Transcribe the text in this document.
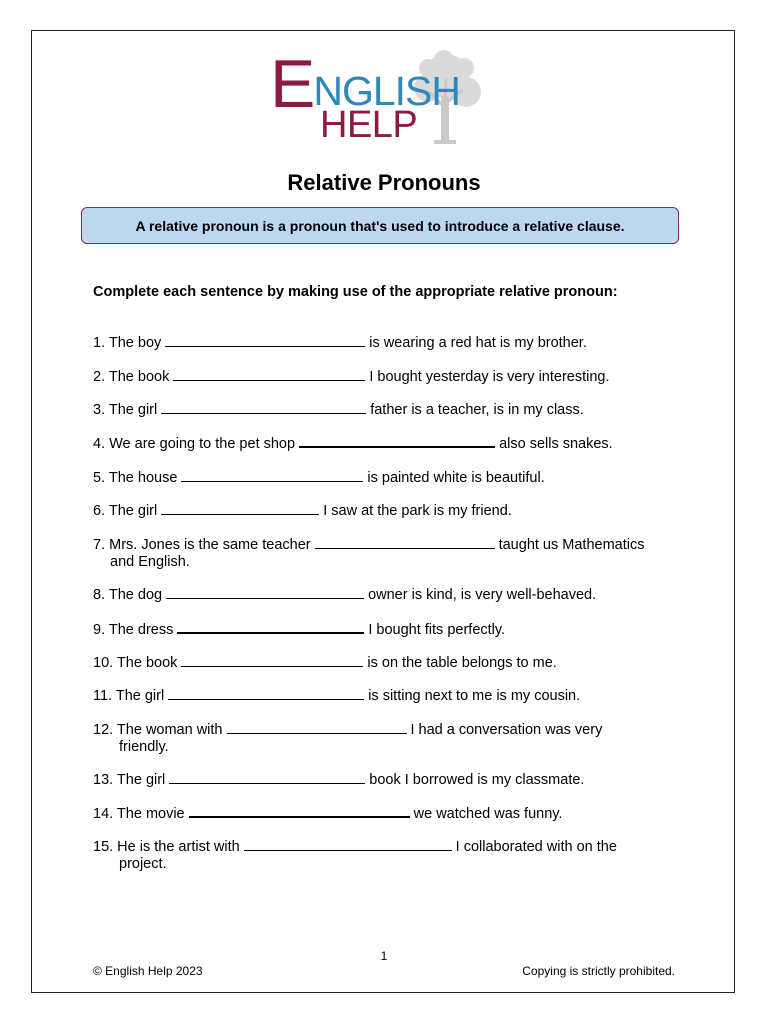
ENGLISH
HELP
Relative Pronouns
A relative pronoun is a pronoun that's used to introduce a relative clause.
Complete each sentence by making use of the appropriate relative pronoun:
1. The boy	is wearing a red hat is my brother.
2. The book	I bought yesterday is very interesting.
3. The girl	father is a teacher, is in my class.
4. We are going to the pet shop	also sells snakes.
5. The house	is painted white is beautiful.
6. The girl	I saw at the park is my friend.
7. Mrs. Jones is the same teacher	taught us Mathematics
and English.
8. The dog	owner is kind, is very well-behaved.
9. The dress	I bought fits perfectly.
10. The book	is on the table belongs to me.
11. The girl	is sitting next to me is my cousin.
12. The woman with	I had a conversation was very
friendly.
13. The girl	book I borrowed is my classmate.
14. The movie	we watched was funny.
15. He is the artist with	I collaborated with on the
project.
1
© English Help 2023	Copying is strictly prohibited.
